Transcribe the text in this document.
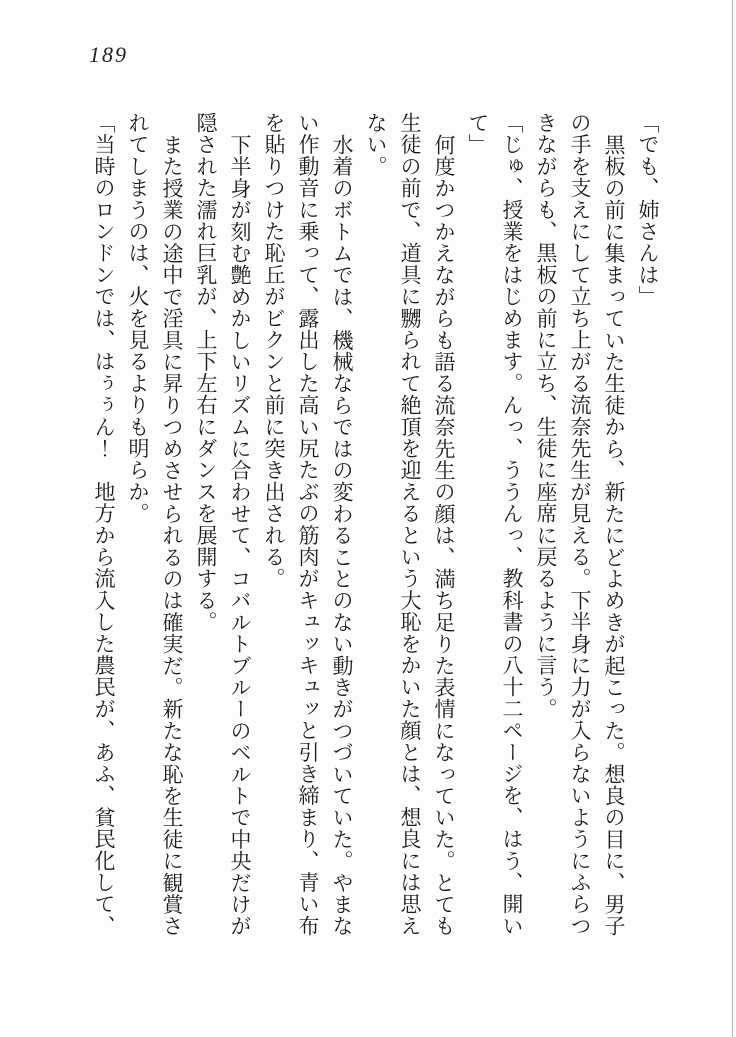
189

「でも、姉さんは」

黒板の前に集まっていた生徒から、新たにどよめきが起こった。想良の目に、男子

の手を支えにして立ち上がる流奈先生が見える。下半身に力が入らないようにふらつ

きながらも、黒板の前に立ち、生徒に座席に戻るように言う。

「じゅ、授業をはじめます。んっ、ううんっ、教科書の八十二ページを、はう、開い

て」

何度かつかえながらも語る流奈先生の顔は、満ち足りた表情になっていた。とても

生徒の前で、道具に嬲られて絶頂を迎えるという大恥をかいた顔とは、想良には思え

ない。

水着のボトムでは、機械ならではの変わることのない動きがつづいていた。やまな

い作動音に乗って、露出した高い尻たぶの筋肉がキュッキュッと引き締まり、青い布

を貼りつけた恥丘がビクンと前に突き出される。

下半身が刻む艶めかしいリズムに合わせて、コバルトブルーのベルトで中央だけが

隠された濡れ巨乳が、上下左右にダンスを展開する。

また授業の途中で淫具に昇りつめさせられるのは確実だ。新たな恥を生徒に観賞さ

れてしまうのは、火を見るよりも明らか。

「当時のロンドンでは、はぅぅん！　地方から流入した農民が、あふ、貧民化して、
